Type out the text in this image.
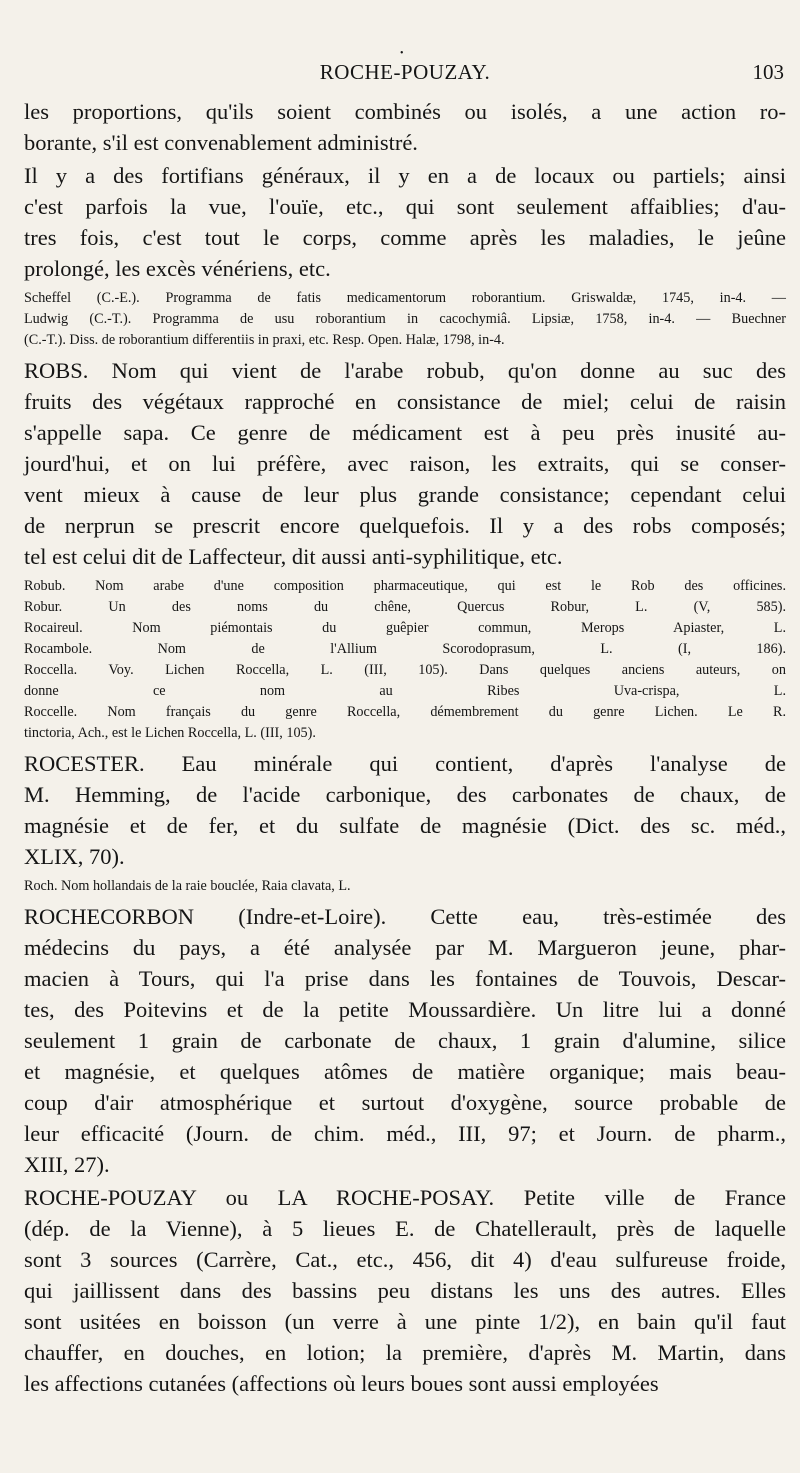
•
ROCHE-POUZAY.	103
les proportions, qu'ils soient combinés ou isolés, a une action ro-
borante, s'il est convenablement administré.
Il y a des fortifians généraux, il y en a de locaux ou partiels; ainsi
c'est parfois la vue, l'ouïe, etc., qui sont seulement affaiblies; d'au-
tres fois, c'est tout le corps, comme après les maladies, le jeûne
prolongé, les excès vénériens, etc.
Scheffel (C.-E.). Programma de fatis medicamentorum roborantium. Griswaldæ, 1745, in-4. —
Ludwig (C.-T.). Programma de usu roborantium in cacochymiâ. Lipsiæ, 1758, in-4. — Buechner
(C.-T.). Diss. de roborantium differentiis in praxi, etc. Resp. Open. Halæ, 1798, in-4.
ROBS. Nom qui vient de l'arabe robub, qu'on donne au suc des
fruits des végétaux rapproché en consistance de miel; celui de raisin
s'appelle sapa. Ce genre de médicament est à peu près inusité au-
jourd'hui, et on lui préfère, avec raison, les extraits, qui se conser-
vent mieux à cause de leur plus grande consistance; cependant celui
de nerprun se prescrit encore quelquefois. Il y a des robs composés;
tel est celui dit de Laffecteur, dit aussi anti-syphilitique, etc.
Robub. Nom arabe d'une composition pharmaceutique, qui est le Rob des officines.
Robur. Un des noms du chêne, Quercus Robur, L. (V, 585).
Rocaireul. Nom piémontais du guêpier commun, Merops Apiaster, L.
Rocambole. Nom de l'Allium Scorodoprasum, L. (I, 186).
Roccella. Voy. Lichen Roccella, L. (III, 105). Dans quelques anciens auteurs, on
donne ce nom au Ribes Uva-crispa, L.
Roccelle. Nom français du genre Roccella, démembrement du genre Lichen. Le R.
tinctoria, Ach., est le Lichen Roccella, L. (III, 105).
ROCESTER. Eau minérale qui contient, d'après l'analyse de
M. Hemming, de l'acide carbonique, des carbonates de chaux, de
magnésie et de fer, et du sulfate de magnésie (Dict. des sc. méd.,
XLIX, 70).
Roch. Nom hollandais de la raie bouclée, Raia clavata, L.
ROCHECORBON (Indre-et-Loire). Cette eau, très-estimée des
médecins du pays, a été analysée par M. Margueron jeune, phar-
macien à Tours, qui l'a prise dans les fontaines de Touvois, Descar-
tes, des Poitevins et de la petite Moussardière. Un litre lui a donné
seulement 1 grain de carbonate de chaux, 1 grain d'alumine, silice
et magnésie, et quelques atômes de matière organique; mais beau-
coup d'air atmosphérique et surtout d'oxygène, source probable de
leur efficacité (Journ. de chim. méd., III, 97; et Journ. de pharm.,
XIII, 27).
ROCHE-POUZAY ou LA ROCHE-POSAY. Petite ville de France
(dép. de la Vienne), à 5 lieues E. de Chatellerault, près de laquelle
sont 3 sources (Carrère, Cat., etc., 456, dit 4) d'eau sulfureuse froide,
qui jaillissent dans des bassins peu distans les uns des autres. Elles
sont usitées en boisson (un verre à une pinte 1/2), en bain qu'il faut
chauffer, en douches, en lotion; la première, d'après M. Martin, dans
les affections cutanées (affections où leurs boues sont aussi employées
